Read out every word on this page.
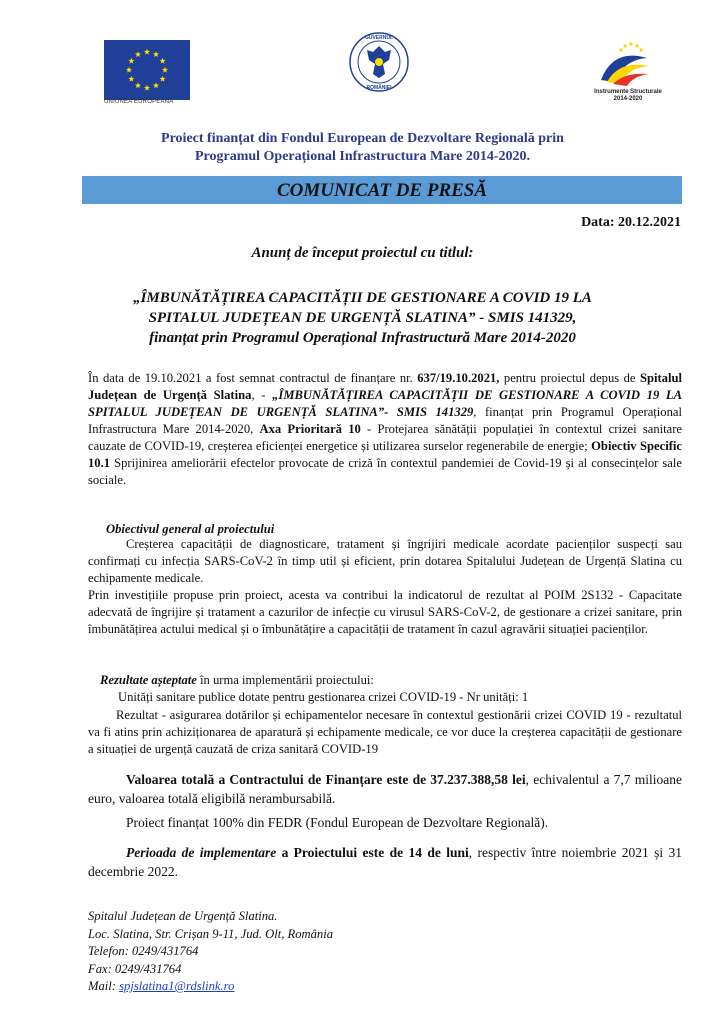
UNIUNEA EUROPEANĂ
GUVERNUL
ROMÂNIEI
Instrumente Structurale
2014-2020
Proiect finanțat din Fondul European de Dezvoltare Regională prin
Programul Operațional Infrastructura Mare 2014-2020.
COMUNICAT DE PRESĂ
Data: 20.12.2021
Anunț de început proiectul cu titlul:
„ÎMBUNĂTĂȚIREA CAPACITĂȚII DE GESTIONARE A COVID 19 LA
SPITALUL JUDEȚEAN DE URGENȚĂ SLATINA” - SMIS 141329,
finanțat prin Programul Operațional Infrastructură Mare 2014-2020
În data de 19.10.2021 a fost semnat contractul de finanțare nr. 637/19.10.2021, pentru proiectul depus de Spitalul Județean de Urgență Slatina, - „ÎMBUNĂTĂȚIREA CAPACITĂȚII DE GESTIONARE A COVID 19 LA SPITALUL JUDEȚEAN DE URGENȚĂ SLATINA”- SMIS 141329, finanțat prin Programul Operațional Infrastructura Mare 2014-2020, Axa Prioritară 10 - Protejarea sănătății populației în contextul crizei sanitare cauzate de COVID-19, creșterea eficienței energetice și utilizarea surselor regenerabile de energie; Obiectiv Specific 10.1 Sprijinirea ameliorării efectelor provocate de criză în contextul pandemiei de Covid-19 și al consecințelor sale sociale.
Obiectivul general al proiectului
Creșterea capacității de diagnosticare, tratament și îngrijiri medicale acordate pacienților suspecți sau confirmați cu infecția SARS-CoV-2 în timp util și eficient, prin dotarea Spitalului Județean de Urgență Slatina cu echipamente medicale.
Prin investițiile propuse prin proiect, acesta va contribui la indicatorul de rezultat al POIM 2S132 - Capacitate adecvată de îngrijire și tratament a cazurilor de infecție cu virusul SARS-CoV-2, de gestionare a crizei sanitare, prin îmbunătățirea actului medical și o îmbunătățire a capacității de tratament în cazul agravării situației pacienților.
Rezultate așteptate în urma implementării proiectului:
Unități sanitare publice dotate pentru gestionarea crizei COVID-19 - Nr unități: 1
Rezultat - asigurarea dotărilor și echipamentelor necesare în contextul gestionării crizei COVID 19 - rezultatul va fi atins prin achiziționarea de aparatură și echipamente medicale, ce vor duce la creșterea capacității de gestionare a situației de urgență cauzată de criza sanitară COVID-19
Valoarea totală a Contractului de Finanțare este de 37.237.388,58 lei, echivalentul a 7,7 milioane euro, valoarea totală eligibilă nerambursabilă.
Proiect finanțat 100% din FEDR (Fondul European de Dezvoltare Regională).
Perioada de implementare a Proiectului este de 14 de luni, respectiv între noiembrie 2021 și 31 decembrie 2022.
Spitalul Județean de Urgență Slatina.
Loc. Slatina, Str. Crișan 9-11, Jud. Olt, România
Telefon: 0249/431764
Fax: 0249/431764
Mail: spjslatina1@rdslink.ro
